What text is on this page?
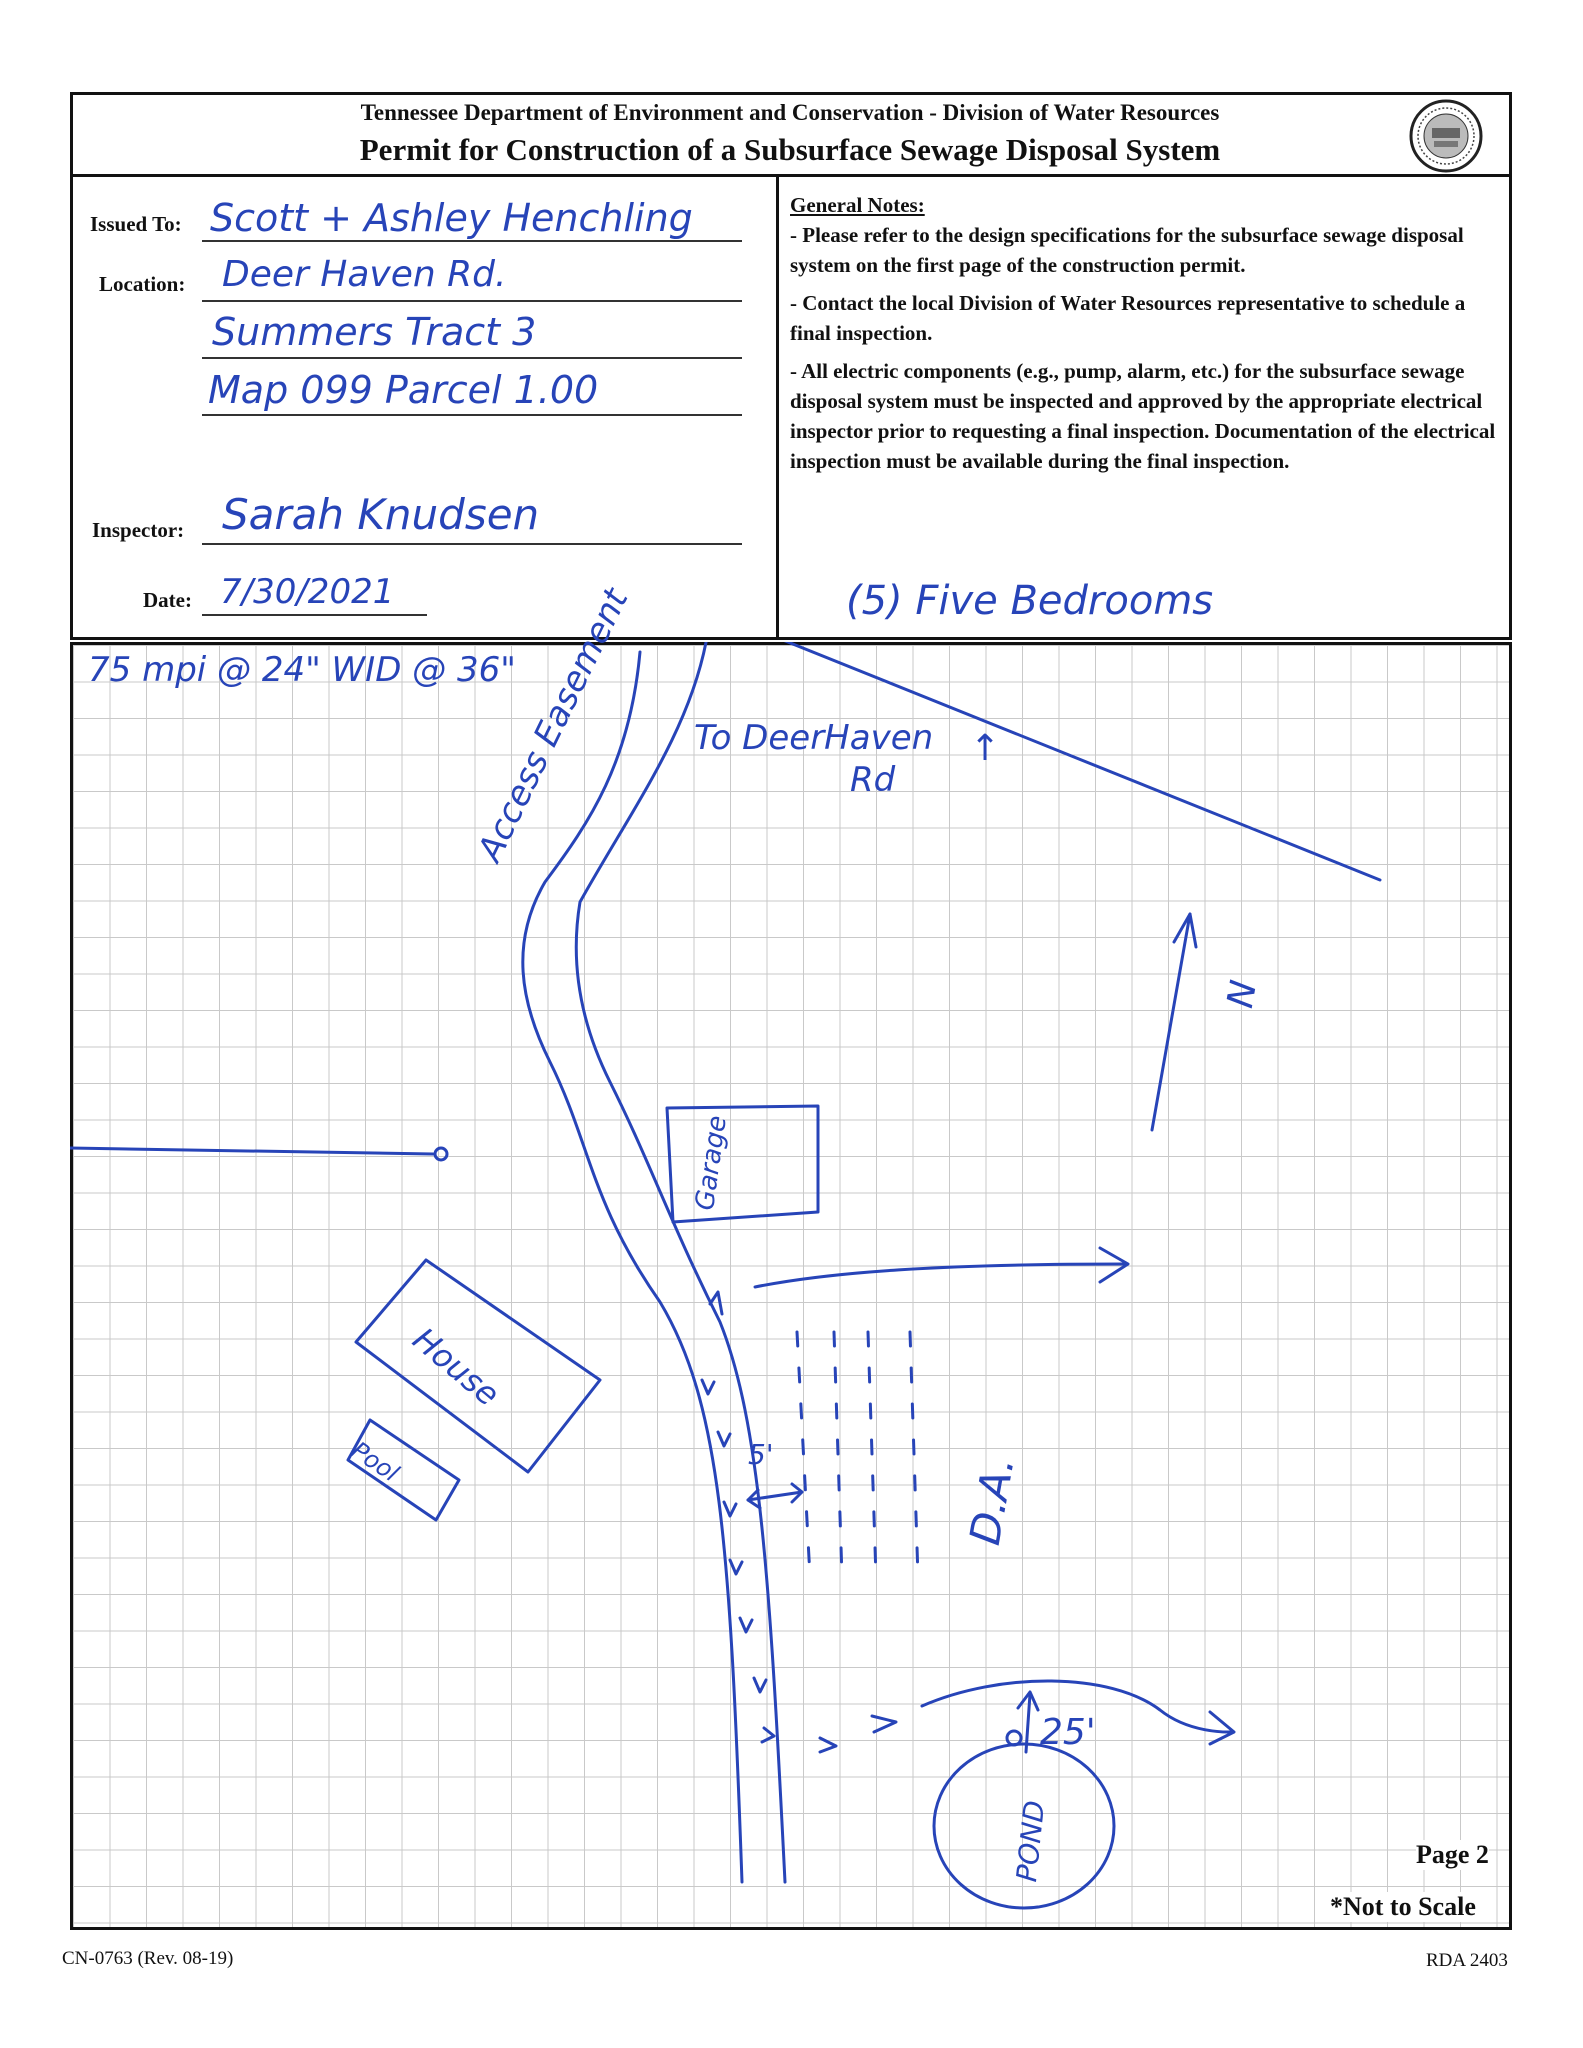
Tennessee Department of Environment and Conservation - Division of Water Resources
Permit for Construction of a Subsurface Sewage Disposal System
Issued To: Scott + Ashley Henchling
Location: Deer Haven Rd.
Summers Tract 3
Map 099 Parcel 1.00
Inspector: Sarah Knudsen
Date: 7/30/2021

General Notes:

- Please refer to the design specifications for the subsurface sewage disposal system on the first page of the construction permit.

- Contact the local Division of Water Resources representative to schedule a final inspection.

- All electric components (e.g., pump, alarm, etc.) for the subsurface sewage disposal system must be inspected and approved by the appropriate electrical inspector prior to requesting a final inspection. Documentation of the electrical inspection must be available during the final inspection.

(5) Five Bedrooms
75 mpi @ 24" WID @ 36"
To DeerHaven
Rd
↑
Access Easement
Garage
House
Pool	D.A.
5'
25'
POND
N
Page 2
*Not to Scale
CN-0763 (Rev. 08-19)	RDA 2403
